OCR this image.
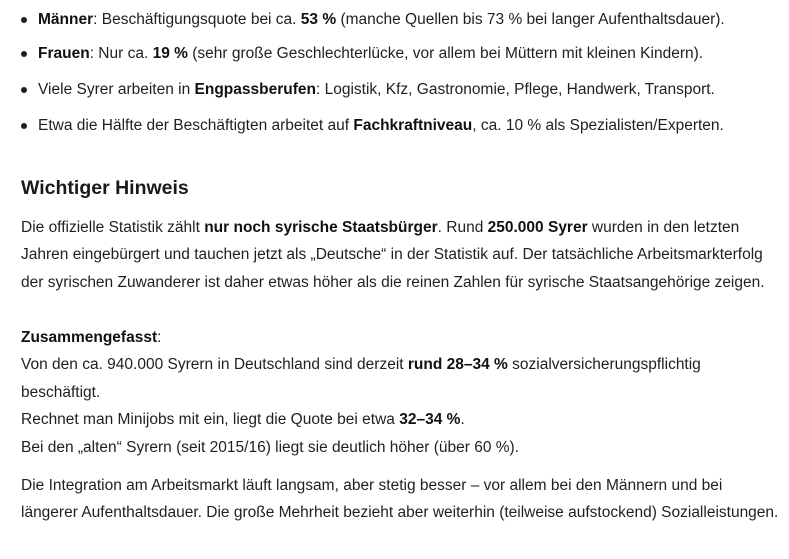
Männer: Beschäftigungsquote bei ca. 53 % (manche Quellen bis 73 % bei langer Aufenthaltsdauer).
Frauen: Nur ca. 19 % (sehr große Geschlechterlücke, vor allem bei Müttern mit kleinen Kindern).
Viele Syrer arbeiten in Engpassberufen: Logistik, Kfz, Gastronomie, Pflege, Handwerk, Transport.
Etwa die Hälfte der Beschäftigten arbeitet auf Fachkraftniveau, ca. 10 % als Spezialisten/Experten.
Wichtiger Hinweis

Die offizielle Statistik zählt nur noch syrische Staatsbürger. Rund 250.000 Syrer wurden in den letzten Jahren eingebürgert und tauchen jetzt als „Deutsche“ in der Statistik auf. Der tatsächliche Arbeitsmarkterfolg der syrischen Zuwanderer ist daher etwas höher als die reinen Zahlen für syrische Staatsangehörige zeigen.

Zusammengefasst:
Von den ca. 940.000 Syrern in Deutschland sind derzeit rund 28–34 % sozialversicherungspflichtig beschäftigt.
Rechnet man Minijobs mit ein, liegt die Quote bei etwa 32–34 %.
Bei den „alten“ Syrern (seit 2015/16) liegt sie deutlich höher (über 60 %).

Die Integration am Arbeitsmarkt läuft langsam, aber stetig besser – vor allem bei den Männern und bei längerer Aufenthaltsdauer. Die große Mehrheit bezieht aber weiterhin (teilweise aufstockend) Sozialleistungen.
